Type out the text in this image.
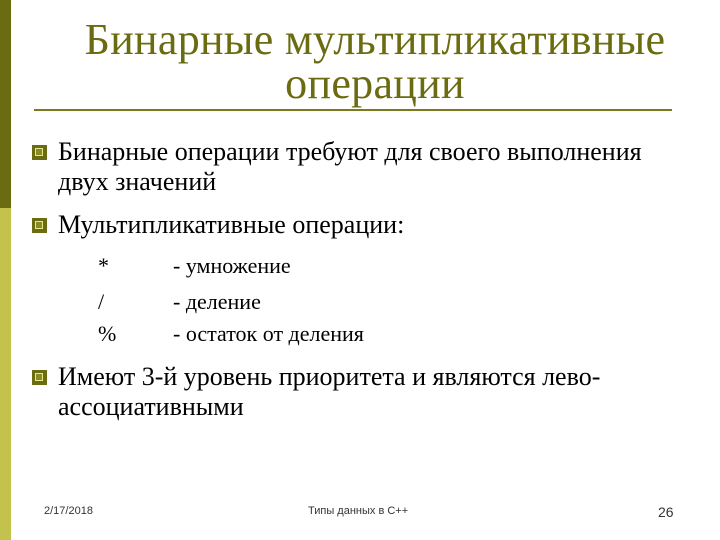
Бинарные мультипликативные
операции
Бинарные операции требуют для своего выполнения
двух значений
Мультипликативные операции:
*	- умножение
/	- деление
%	- остаток от деления
Имеют 3-й уровень приоритета и являются лево-
ассоциативными
2/17/2018	Типы данных в С++	26
